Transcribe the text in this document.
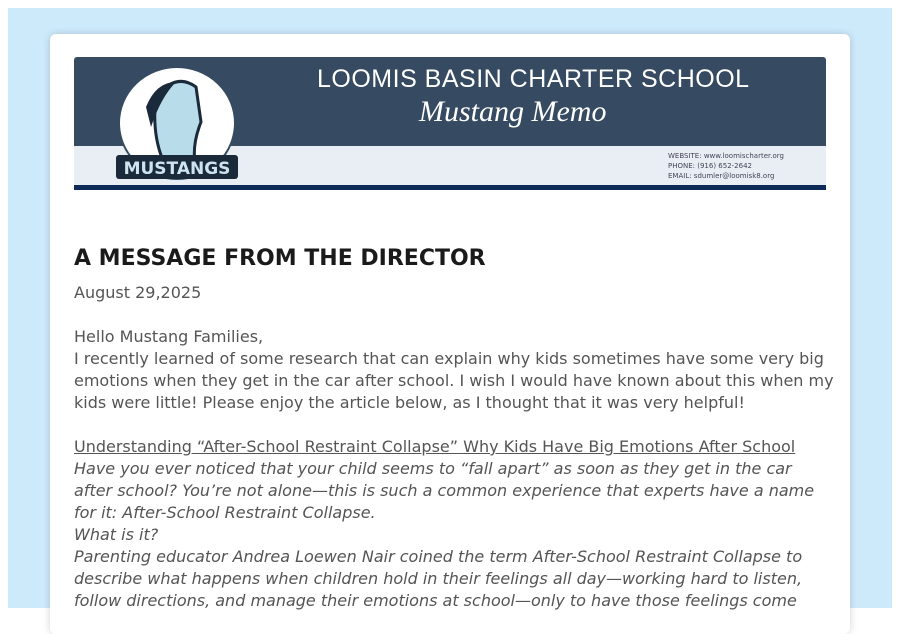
MUSTANGS
LOOMIS BASIN CHARTER SCHOOL
Mustang Memo
WEBSITE: www.loomischarter.org
PHONE: (916) 652-2642
EMAIL: sdumler@loomisk8.org
A MESSAGE FROM THE DIRECTOR
August 29,2025

Hello Mustang Families,

I recently learned of some research that can explain why kids sometimes have some very big emotions when they get in the car after school. I wish I would have known about this when my kids were little! Please enjoy the article below, as I thought that it was very helpful!

Understanding “After-School Restraint Collapse” Why Kids Have Big Emotions After School

Have you ever noticed that your child seems to “fall apart” as soon as they get in the car after school? You’re not alone—this is such a common experience that experts have a name for it: After-School Restraint Collapse.

What is it?

Parenting educator Andrea Loewen Nair coined the term After-School Restraint Collapse to describe what happens when children hold in their feelings all day—working hard to listen, follow directions, and manage their emotions at school—only to have those feelings come
